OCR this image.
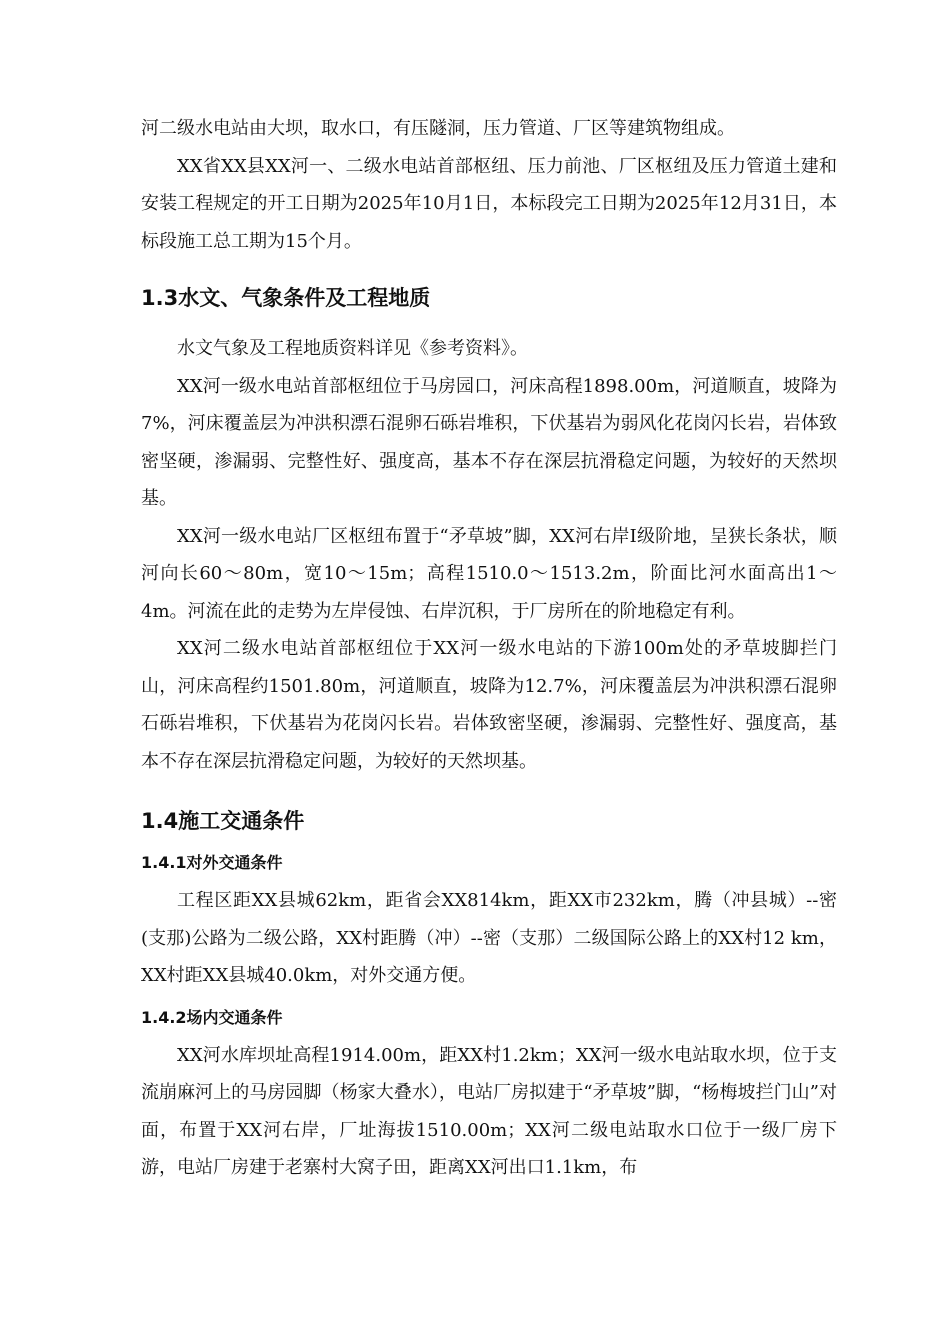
河二级水电站由大坝，取水口，有压隧洞，压力管道、厂区等建筑物组成。

XX省XX县XX河一、二级水电站首部枢纽、压力前池、厂区枢纽及压力管道土建和安装工程规定的开工日期为2025年10月1日，本标段完工日期为2025年12月31日，本标段施工总工期为15个月。

1.3水文、气象条件及工程地质

水文气象及工程地质资料详见《参考资料》。

XX河一级水电站首部枢纽位于马房园口，河床高程1898.00m，河道顺直，坡降为7%，河床覆盖层为冲洪积漂石混卵石砾岩堆积，下伏基岩为弱风化花岗闪长岩，岩体致密坚硬，渗漏弱、完整性好、强度高，基本不存在深层抗滑稳定问题，为较好的天然坝基。

XX河一级水电站厂区枢纽布置于“矛草坡”脚，XX河右岸I级阶地，呈狭长条状，顺河向长60～80m，宽10～15m；高程1510.0～1513.2m，阶面比河水面高出1～4m。河流在此的走势为左岸侵蚀、右岸沉积，于厂房所在的阶地稳定有利。

XX河二级水电站首部枢纽位于XX河一级水电站的下游100m处的矛草坡脚拦门山，河床高程约1501.80m，河道顺直，坡降为12.7%，河床覆盖层为冲洪积漂石混卵石砾岩堆积，下伏基岩为花岗闪长岩。岩体致密坚硬，渗漏弱、完整性好、强度高，基本不存在深层抗滑稳定问题，为较好的天然坝基。

1.4施工交通条件
1.4.1对外交通条件

工程区距XX县城62km，距省会XX814km，距XX市232km，腾（冲县城）--密(支那)公路为二级公路，XX村距腾（冲）--密（支那）二级国际公路上的XX村12 km，XX村距XX县城40.0km，对外交通方便。

1.4.2场内交通条件

XX河水库坝址高程1914.00m，距XX村1.2km；XX河一级水电站取水坝，位于支流崩麻河上的马房园脚（杨家大叠水），电站厂房拟建于“矛草坡”脚，“杨梅坡拦门山”对面，布置于XX河右岸，厂址海拔1510.00m；XX河二级电站取水口位于一级厂房下游，电站厂房建于老寨村大窝子田，距离XX河出口1.1km，布
